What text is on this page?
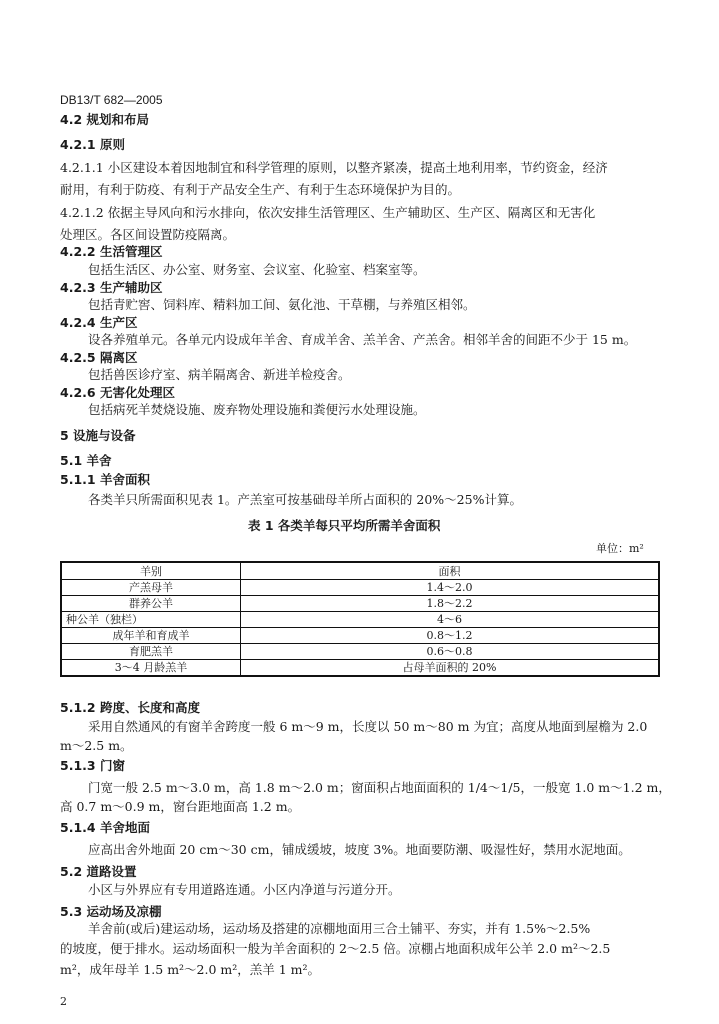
DB13/T 682—2005
4.2 规划和布局
4.2.1 原则
4.2.1.1 小区建设本着因地制宜和科学管理的原则，以整齐紧凑，提高土地利用率，节约资金，经济
耐用，有利于防疫、有利于产品安全生产、有利于生态环境保护为目的。
4.2.1.2 依据主导风向和污水排向，依次安排生活管理区、生产辅助区、生产区、隔离区和无害化
处理区。各区间设置防疫隔离。
4.2.2 生活管理区
包括生活区、办公室、财务室、会议室、化验室、档案室等。
4.2.3 生产辅助区
包括青贮窖、饲料库、精料加工间、氨化池、干草棚，与养殖区相邻。
4.2.4 生产区
设各养殖单元。各单元内设成年羊舍、育成羊舍、羔羊舍、产羔舍。相邻羊舍的间距不少于 15 m。
4.2.5 隔离区
包括兽医诊疗室、病羊隔离舍、新进羊检疫舍。
4.2.6 无害化处理区
包括病死羊焚烧设施、废弃物处理设施和粪便污水处理设施。
5 设施与设备
5.1 羊舍
5.1.1 羊舍面积
各类羊只所需面积见表 1。产羔室可按基础母羊所占面积的 20%～25%计算。
表 1 各类羊每只平均所需羊舍面积
单位：m²
羊别	面积
产羔母羊	1.4～2.0
群养公羊	1.8～2.2
种公羊（独栏）	4～6
成年羊和育成羊	0.8～1.2
育肥羔羊	0.6～0.8
3～4 月龄羔羊	占母羊面积的 20%
5.1.2 跨度、长度和高度
采用自然通风的有窗羊舍跨度一般 6 m～9 m，长度以 50 m～80 m 为宜；高度从地面到屋檐为 2.0
m～2.5 m。
5.1.3 门窗
门宽一般 2.5 m～3.0 m，高 1.8 m～2.0 m；窗面积占地面面积的 1/4～1/5，一般宽 1.0 m～1.2 m，
高 0.7 m～0.9 m，窗台距地面高 1.2 m。
5.1.4 羊舍地面
应高出舍外地面 20 cm～30 cm，铺成缓坡，坡度 3%。地面要防潮、吸湿性好，禁用水泥地面。
5.2 道路设置
小区与外界应有专用道路连通。小区内净道与污道分开。
5.3 运动场及凉棚
羊舍前(或后)建运动场，运动场及搭建的凉棚地面用三合土铺平、夯实，并有 1.5%～2.5%
的坡度，便于排水。运动场面积一般为羊舍面积的 2～2.5 倍。凉棚占地面积成年公羊 2.0 m²～2.5
m²，成年母羊 1.5 m²～2.0 m²，羔羊 1 m²。
2
